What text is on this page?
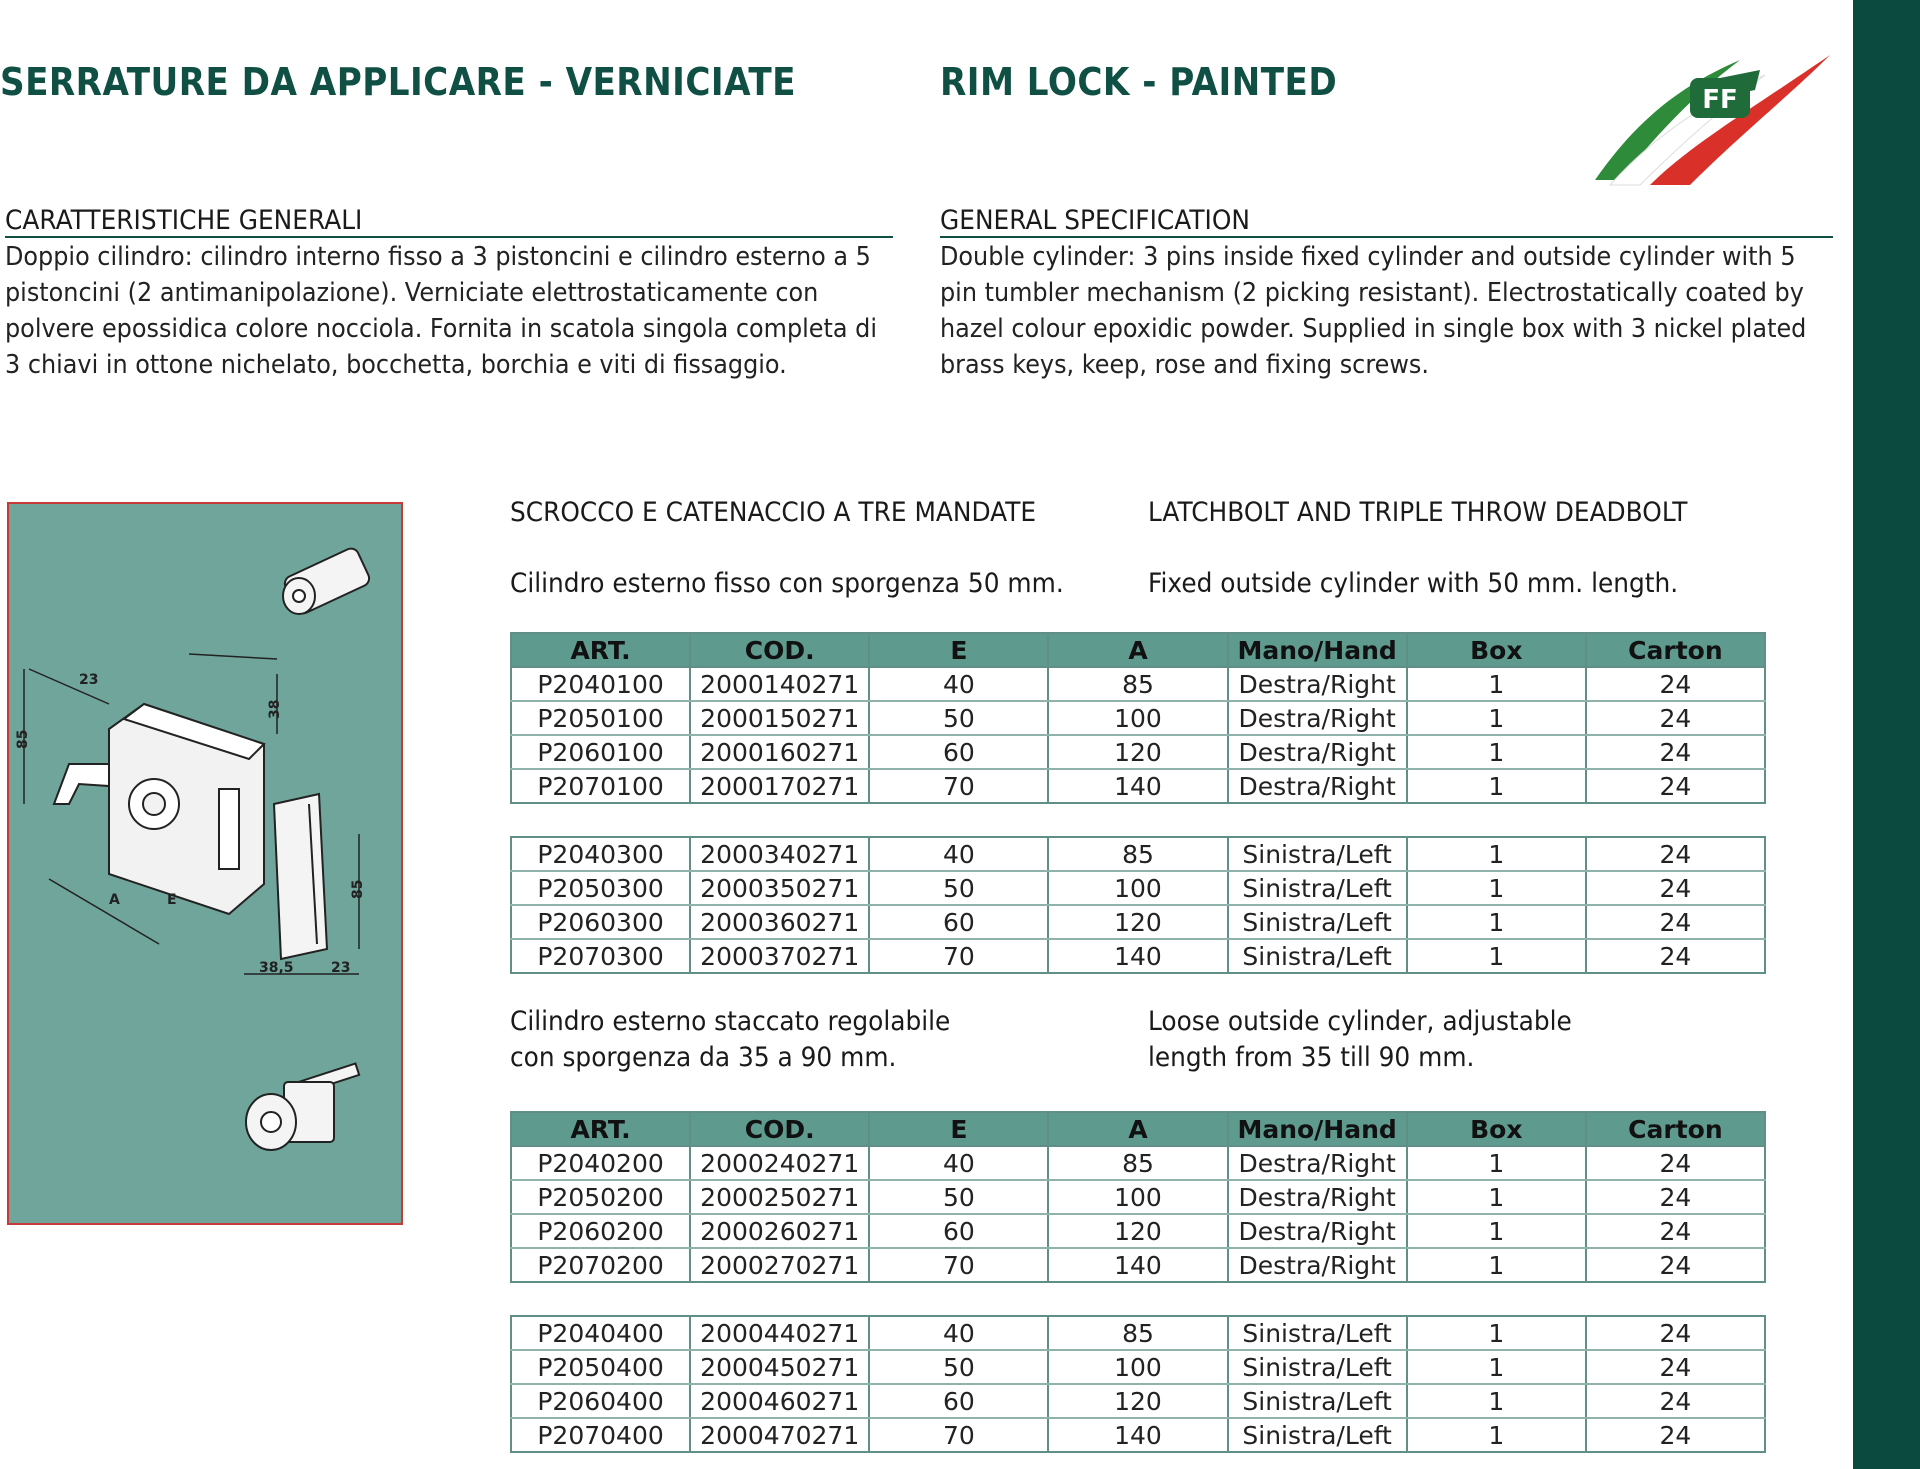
SERRATURE DA APPLICARE - VERNICIATE	RIM LOCK - PAINTED	FF
CARATTERISTICHE GENERALI	GENERAL SPECIFICATION
Doppio cilindro: cilindro interno fisso a 3 pistoncini e cilindro esterno a 5 pistoncini (2 antimanipolazione). Verniciate elettrostaticamente con polvere epossidica colore nocciola. Fornita in scatola singola completa di 3 chiavi in ottone nichelato, bocchetta, borchia e viti di fissaggio.
Double cylinder: 3 pins inside fixed cylinder and outside cylinder with 5 pin tumbler mechanism (2 picking resistant). Electrostatically coated by hazel colour epoxidic powder. Supplied in single box with 3 nickel plated brass keys, keep, rose and fixing screws.
23
38
85
A	E
85
38,5	23
SCROCCO E CATENACCIO A TRE MANDATE	LATCHBOLT AND TRIPLE THROW DEADBOLT
Cilindro esterno fisso con sporgenza 50 mm.	Fixed outside cylinder with 50 mm. length.
ART.	COD.	E	A	Mano/Hand	Box	Carton
P2040100	2000140271	40	85	Destra/Right	1	24
P2050100	2000150271	50	100	Destra/Right	1	24
P2060100	2000160271	60	120	Destra/Right	1	24
P2070100	2000170271	70	140	Destra/Right	1	24
P2040300	2000340271	40	85	Sinistra/Left	1	24
P2050300	2000350271	50	100	Sinistra/Left	1	24
P2060300	2000360271	60	120	Sinistra/Left	1	24
P2070300	2000370271	70	140	Sinistra/Left	1	24
Cilindro esterno staccato regolabile
con sporgenza da 35 a 90 mm.
Loose outside cylinder, adjustable
length from 35 till 90 mm.
ART.	COD.	E	A	Mano/Hand	Box	Carton
P2040200	2000240271	40	85	Destra/Right	1	24
P2050200	2000250271	50	100	Destra/Right	1	24
P2060200	2000260271	60	120	Destra/Right	1	24
P2070200	2000270271	70	140	Destra/Right	1	24
P2040400	2000440271	40	85	Sinistra/Left	1	24
P2050400	2000450271	50	100	Sinistra/Left	1	24
P2060400	2000460271	60	120	Sinistra/Left	1	24
P2070400	2000470271	70	140	Sinistra/Left	1	24
